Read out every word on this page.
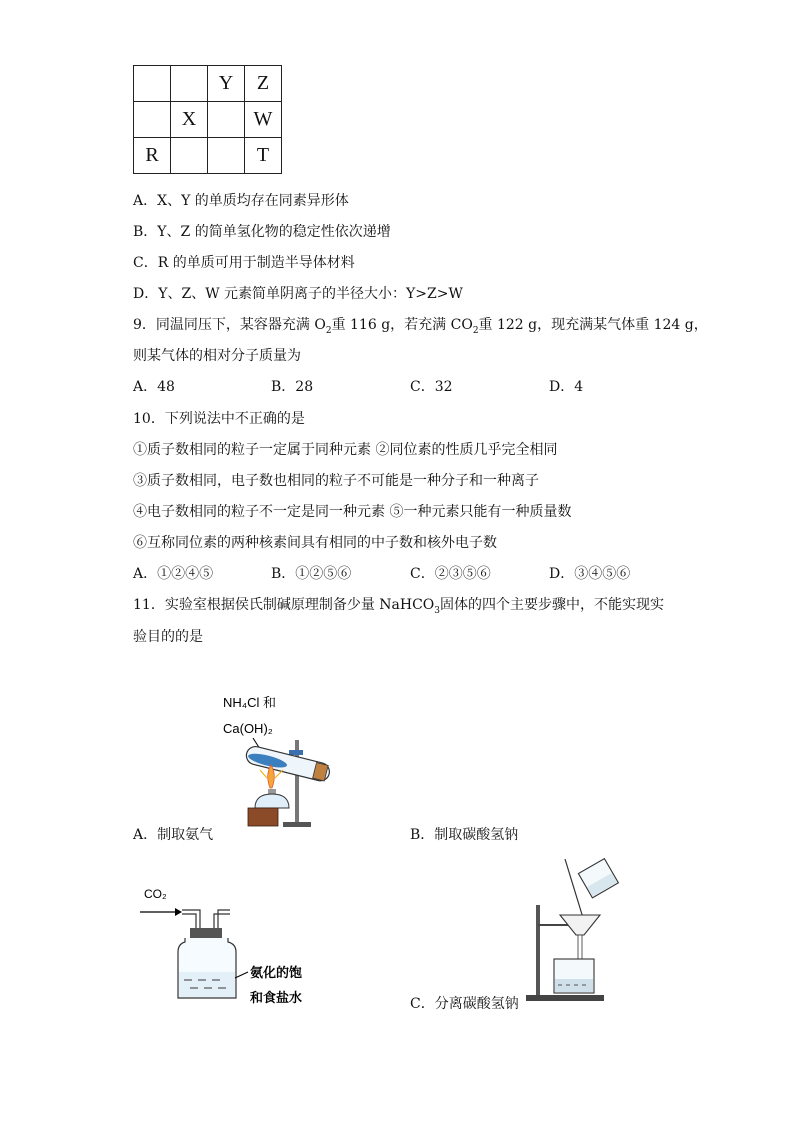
		Y	Z
	X		W
R			T
A．X、Y 的单质均存在同素异形体
B．Y、Z 的简单氢化物的稳定性依次递增
C．R 的单质可用于制造半导体材料
D．Y、Z、W 元素简单阴离子的半径大小：Y>Z>W
9．同温同压下，某容器充满 $O_2$重 116 g，若充满 $CO_2$重 122 g，现充满某气体重 124 g，
则某气体的相对分子质量为
A．48	B．28	C．32	D．4
10．下列说法中不正确的是
①质子数相同的粒子一定属于同种元素 ②同位素的性质几乎完全相同
③质子数相同，电子数也相同的粒子不可能是一种分子和一种离子
④电子数相同的粒子不一定是同一种元素 ⑤一种元素只能有一种质量数
⑥互称同位素的两种核素间具有相同的中子数和核外电子数
A．①②④⑤	B．①②⑤⑥	C．②③⑤⑥	D．③④⑤⑥
11．实验室根据侯氏制碱原理制备少量 NaHCO$_3$固体的四个主要步骤中，不能实现实
验目的的是
NH₄Cl 和
Ca(OH)₂
A．制取氨气	B．制取碳酸氢钠
CO₂
氨化的饱
和食盐水	C．分离碳酸氢钠
